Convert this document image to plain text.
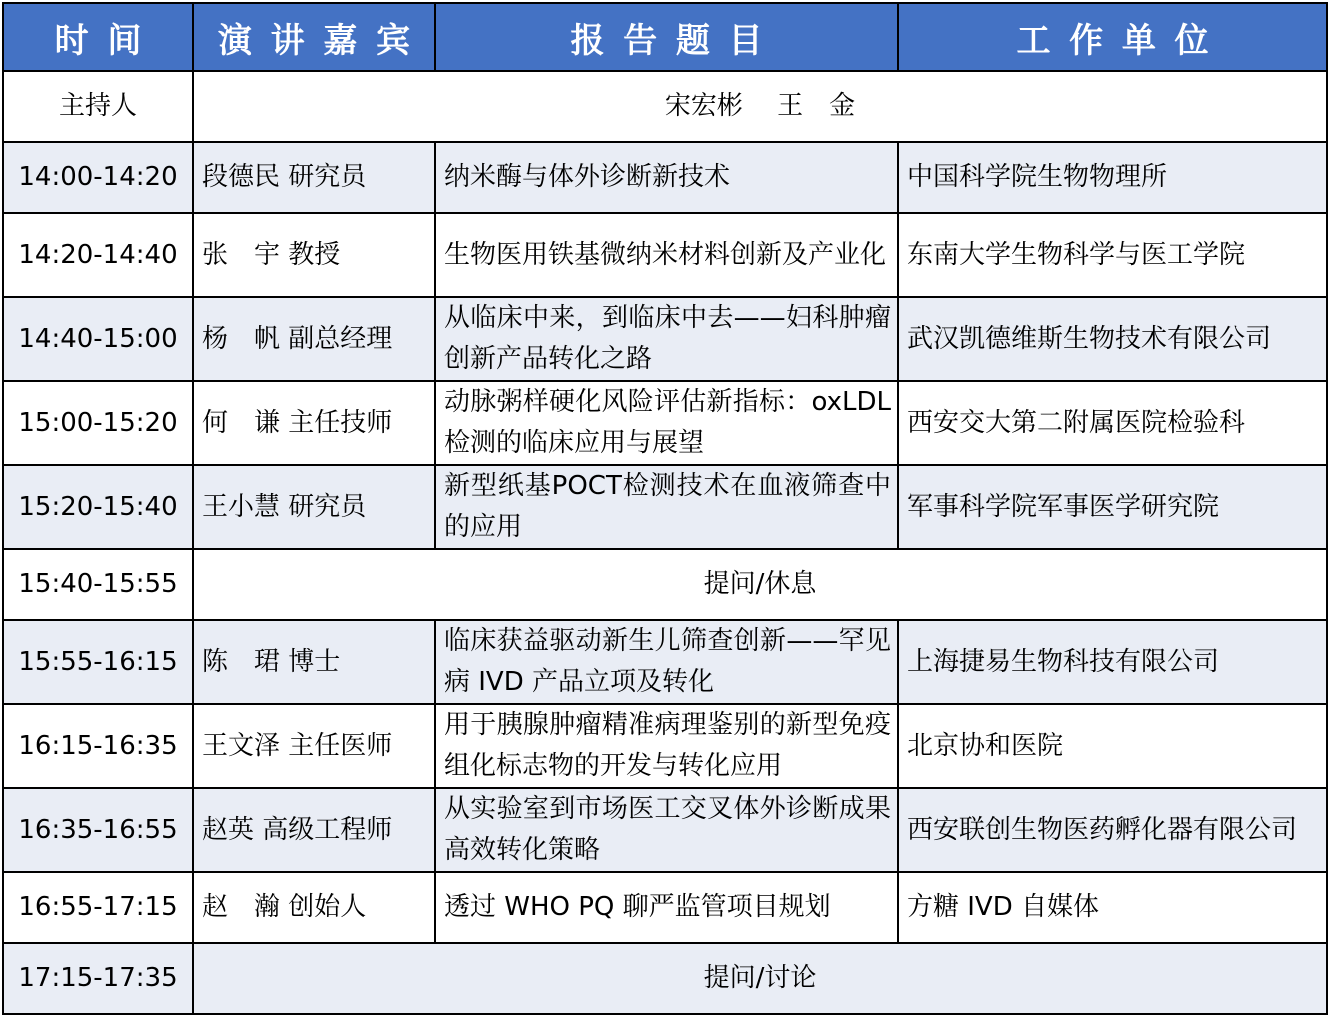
时间	演讲嘉宾	报告题目	工作单位
主持人	宋宏彬　 王　金		
14:00-14:20	段德民 研究员	纳米酶与体外诊断新技术	中国科学院生物物理所
14:20-14:40	张　宇 教授	生物医用铁基微纳米材料创新及产业化	东南大学生物科学与医工学院
14:40-15:00	杨　帆 副总经理	从临床中来，到临床中去——妇科肿瘤创新产品转化之路	武汉凯德维斯生物技术有限公司
15:00-15:20	何　谦 主任技师	动脉粥样硬化风险评估新指标：oxLDL 检测的临床应用与展望	西安交大第二附属医院检验科
15:20-15:40	王小慧 研究员	新型纸基POCT检测技术在血液筛查中的应用	军事科学院军事医学研究院
15:40-15:55	提问/休息		
15:55-16:15	陈　珺 博士	临床获益驱动新生儿筛查创新——罕见病 IVD 产品立项及转化	上海捷易生物科技有限公司
16:15-16:35	王文泽 主任医师	用于胰腺肿瘤精准病理鉴别的新型免疫组化标志物的开发与转化应用	北京协和医院
16:35-16:55	赵英 高级工程师	从实验室到市场医工交叉体外诊断成果高效转化策略	西安联创生物医药孵化器有限公司
16:55-17:15	赵　瀚 创始人	透过 WHO PQ 聊严监管项目规划	方糖 IVD 自媒体
17:15-17:35	提问/讨论		
